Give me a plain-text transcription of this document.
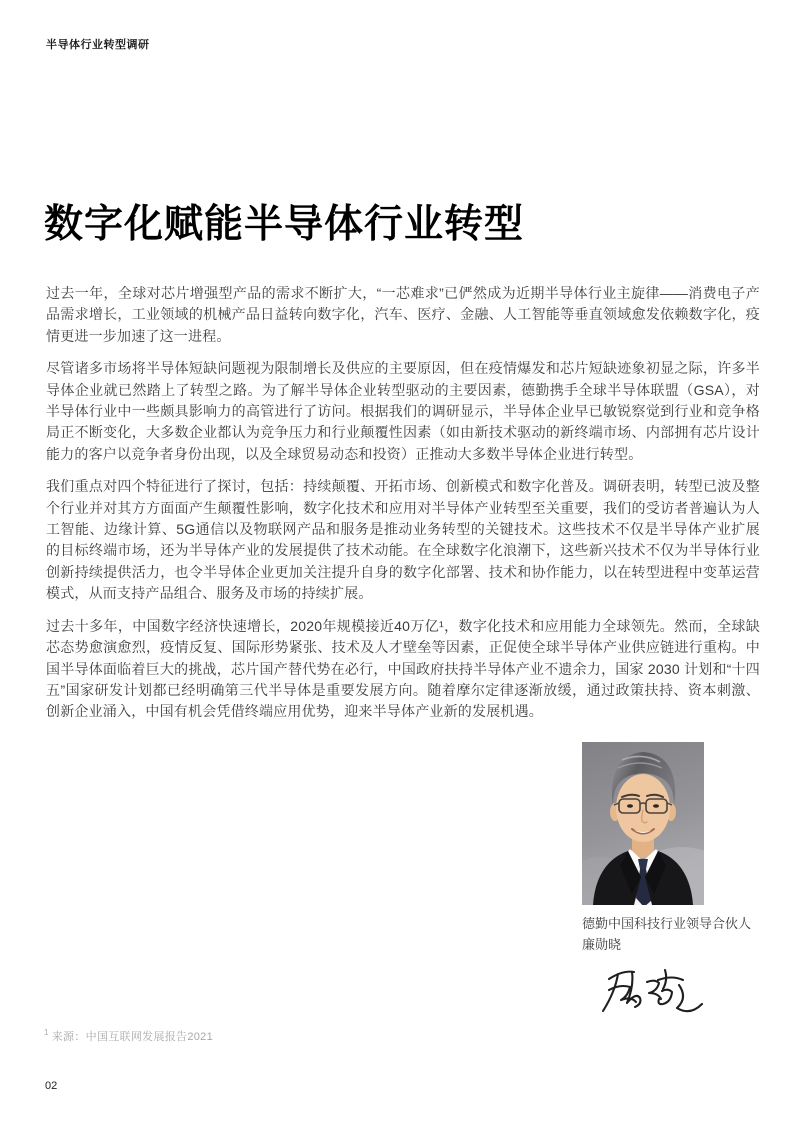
半导体行业转型调研
数字化赋能半导体行业转型

过去一年，全球对芯片增强型产品的需求不断扩大，“一芯难求”已俨然成为近期半导体行业主旋律——消费电子产品需求增长，工业领域的机械产品日益转向数字化，汽车、医疗、金融、人工智能等垂直领域愈发依赖数字化，疫情更进一步加速了这一进程。

尽管诸多市场将半导体短缺问题视为限制增长及供应的主要原因，但在疫情爆发和芯片短缺迹象初显之际，许多半导体企业就已然踏上了转型之路。为了解半导体企业转型驱动的主要因素，德勤携手全球半导体联盟（GSA），对半导体行业中一些颇具影响力的高管进行了访问。根据我们的调研显示，半导体企业早已敏锐察觉到行业和竞争格局正不断变化，大多数企业都认为竞争压力和行业颠覆性因素（如由新技术驱动的新终端市场、内部拥有芯片设计能力的客户以竞争者身份出现，以及全球贸易动态和投资）正推动大多数半导体企业进行转型。

我们重点对四个特征进行了探讨，包括：持续颠覆、开拓市场、创新模式和数字化普及。调研表明，转型已波及整个行业并对其方方面面产生颠覆性影响，数字化技术和应用对半导体产业转型至关重要，我们的受访者普遍认为人工智能、边缘计算、5G通信以及物联网产品和服务是推动业务转型的关键技术。这些技术不仅是半导体产业扩展的目标终端市场，还为半导体产业的发展提供了技术动能。在全球数字化浪潮下，这些新兴技术不仅为半导体行业创新持续提供活力，也令半导体企业更加关注提升自身的数字化部署、技术和协作能力，以在转型进程中变革运营模式，从而支持产品组合、服务及市场的持续扩展。

过去十多年，中国数字经济快速增长，2020年规模接近40万亿¹，数字化技术和应用能力全球领先。然而，全球缺芯态势愈演愈烈，疫情反复、国际形势紧张、技术及人才壁垒等因素，正促使全球半导体产业供应链进行重构。中国半导体面临着巨大的挑战，芯片国产替代势在必行，中国政府扶持半导体产业不遗余力，国家 2030 计划和“十四五”国家研发计划都已经明确第三代半导体是重要发展方向。随着摩尔定律逐渐放缓，通过政策扶持、资本刺激、创新企业涌入，中国有机会凭借终端应用优势，迎来半导体产业新的发展机遇。

德勤中国科技行业领导合伙人
廉勋晓
$^1$ 来源：中国互联网发展报告2021
02
